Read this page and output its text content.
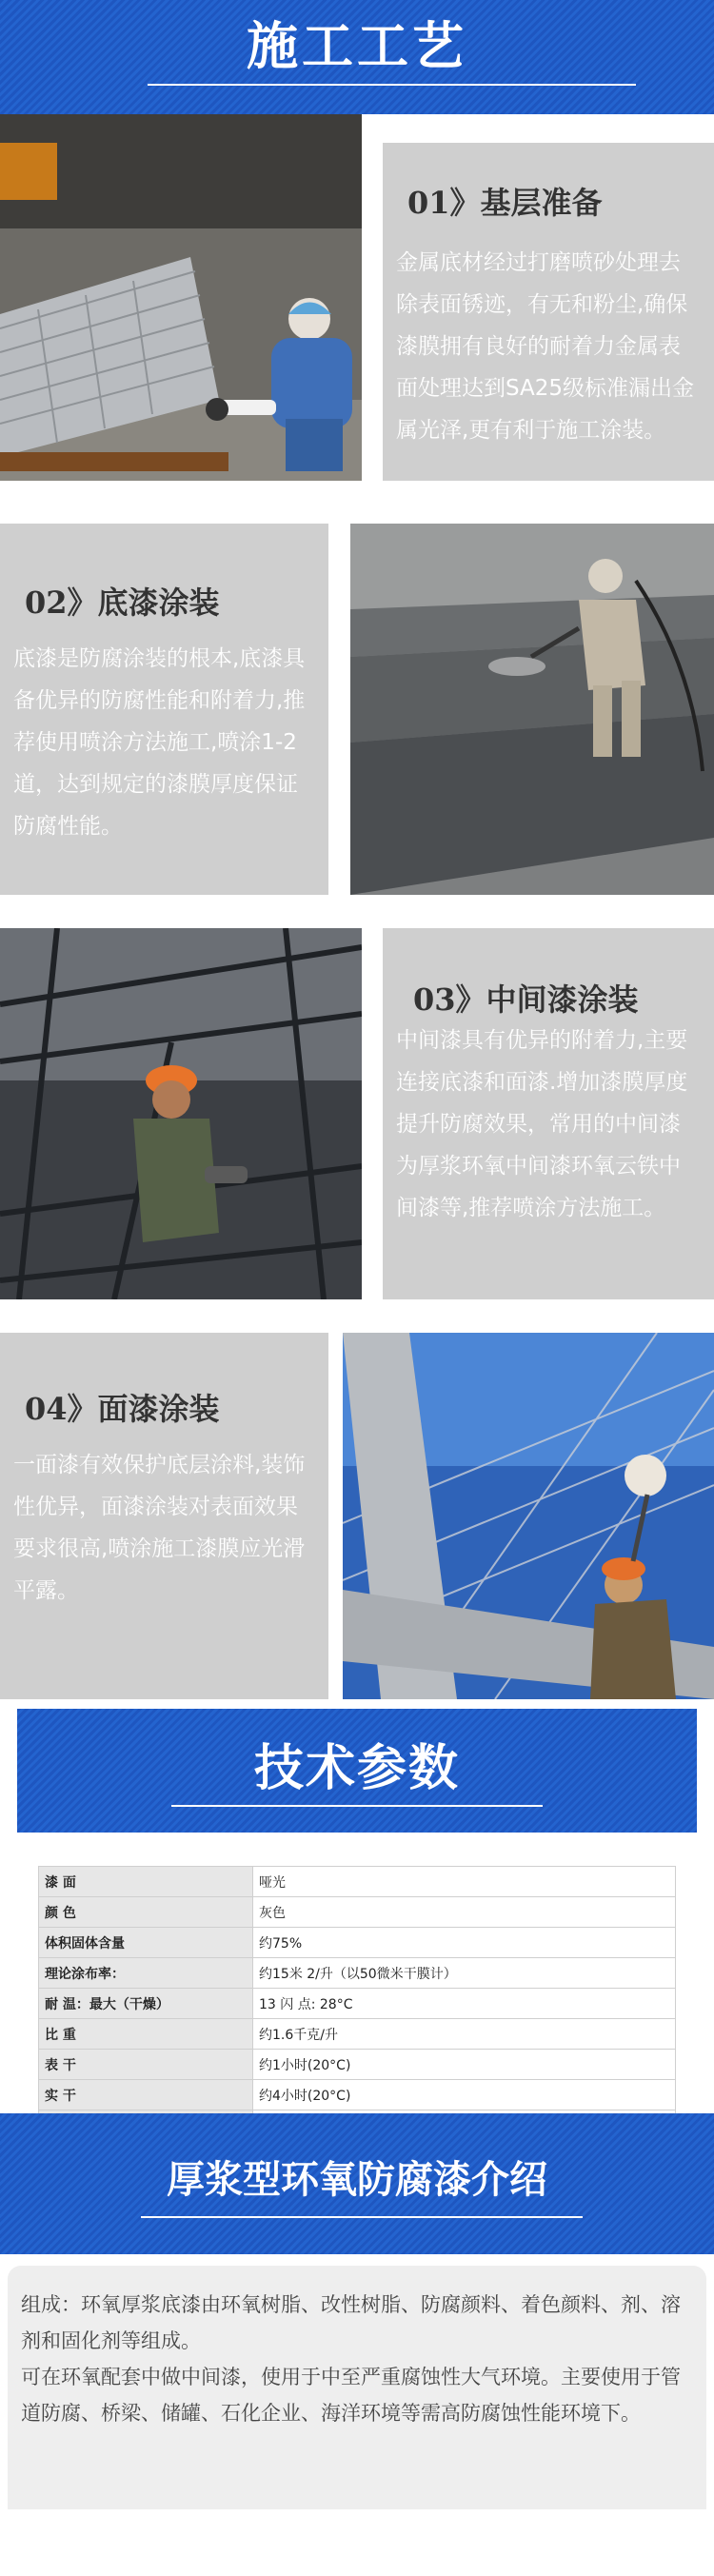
施工工艺
01》基层准备
金属底材经过打磨喷砂处理去除表面锈迹，有无和粉尘,确保漆膜拥有良好的耐着力金属表面处理达到SA25级标准漏出金属光泽,更有利于施工涂装。
02》底漆涂装
底漆是防腐涂装的根本,底漆具备优异的防腐性能和附着力,推荐使用喷涂方法施工,喷涂1-2道，达到规定的漆膜厚度保证防腐性能。
03》中间漆涂装
中间漆具有优异的附着力,主要连接底漆和面漆.增加漆膜厚度提升防腐效果，常用的中间漆为厚浆环氧中间漆环氧云铁中间漆等,推荐喷涂方法施工。
04》面漆涂装
一面漆有效保护底层涂料,装饰性优异，面漆涂装对表面效果要求很高,喷涂施工漆膜应光滑平露。
技术参数
漆 面	哑光
颜 色	灰色
体积固体含量	约75%
理论涂布率：	约15米 2/升（以50微米干膜计）
耐 温：最大（干燥）	13 闪 点: 28°C
比 重	约1.6千克/升
表 干	约1小时(20°C)
实 干	约4小时(20°C)

厚浆型环氧防腐漆介绍

组成：环氧厚浆底漆由环氧树脂、改性树脂、防腐颜料、着色颜料、剂、溶剂和固化剂等组成。

可在环氧配套中做中间漆，使用于中至严重腐蚀性大气环境。主要使用于管道防腐、桥梁、储罐、石化企业、海洋环境等需高防腐蚀性能环境下。
